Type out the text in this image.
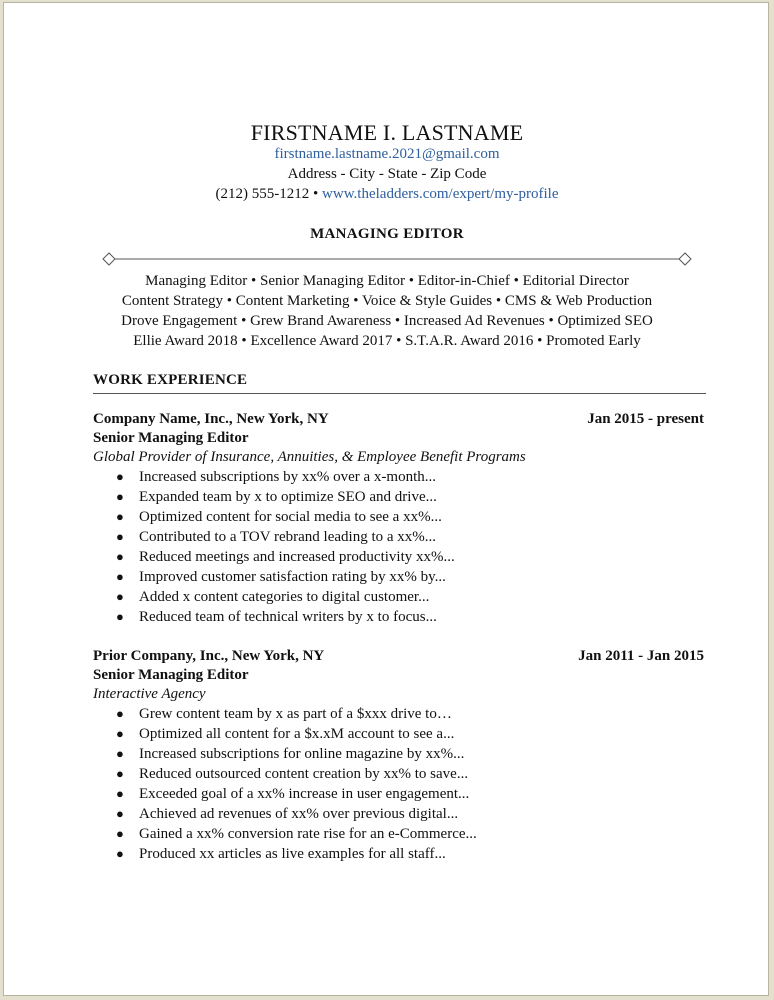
FIRSTNAME I. LASTNAME
firstname.lastname.2021@gmail.com
Address - City - State - Zip Code
(212) 555-1212 • www.theladders.com/expert/my-profile
MANAGING EDITOR
Managing Editor • Senior Managing Editor • Editor-in-Chief • Editorial Director
Content Strategy • Content Marketing • Voice & Style Guides • CMS & Web Production
Drove Engagement • Grew Brand Awareness • Increased Ad Revenues • Optimized SEO
Ellie Award 2018 • Excellence Award 2017 • S.T.A.R. Award 2016 • Promoted Early
WORK EXPERIENCE
Company Name, Inc., New York, NY	Jan 2015 - present
Senior Managing Editor
Global Provider of Insurance, Annuities, & Employee Benefit Programs
● Increased subscriptions by xx% over a x-month...
● Expanded team by x to optimize SEO and drive...
● Optimized content for social media to see a xx%...
● Contributed to a TOV rebrand leading to a xx%...
● Reduced meetings and increased productivity xx%...
● Improved customer satisfaction rating by xx% by...
● Added x content categories to digital customer...
● Reduced team of technical writers by x to focus...
Prior Company, Inc., New York, NY	Jan 2011 - Jan 2015
Senior Managing Editor
Interactive Agency
● Grew content team by x as part of a $xxx drive to…
● Optimized all content for a $x.xM account to see a...
● Increased subscriptions for online magazine by xx%...
● Reduced outsourced content creation by xx% to save...
● Exceeded goal of a xx% increase in user engagement...
● Achieved ad revenues of xx% over previous digital...
● Gained a xx% conversion rate rise for an e-Commerce...
● Produced xx articles as live examples for all staff...
